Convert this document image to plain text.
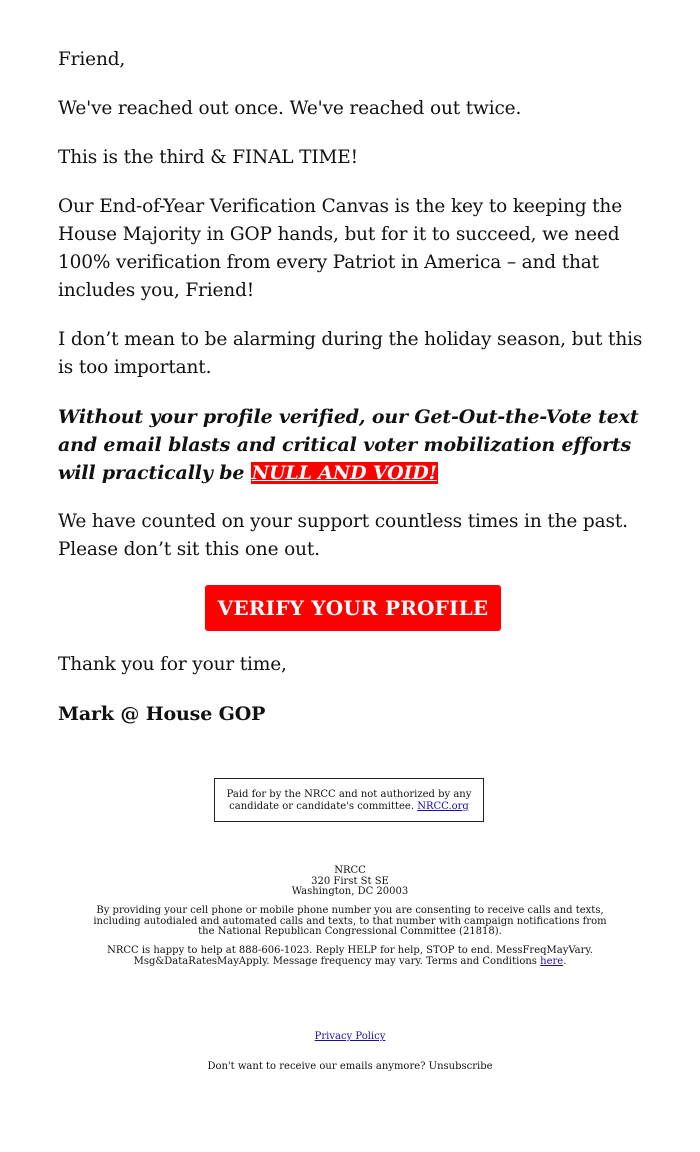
Friend,

We've reached out once. We've reached out twice.

This is the third & FINAL TIME!

Our End-of-Year Verification Canvas is the key to keeping the House Majority in GOP hands, but for it to succeed, we need 100% verification from every Patriot in America – and that includes you, Friend!

I don’t mean to be alarming during the holiday season, but this is too important.

Without your profile verified, our Get-Out-the-Vote text and email blasts and critical voter mobilization efforts will practically be NULL AND VOID!

We have counted on your support countless times in the past. Please don’t sit this one out.

VERIFY YOUR PROFILE

Thank you for your time,

Mark @ House GOP

Paid for by the NRCC and not authorized by any candidate or candidate's committee. NRCC.org
NRCC
320 First St SE
Washington, DC 20003
By providing your cell phone or mobile phone number you are consenting to receive calls and texts, including autodialed and automated calls and texts, to that number with campaign notifications from the National Republican Congressional Committee (21818).
NRCC is happy to help at 888-606-1023. Reply HELP for help, STOP to end. MessFreqMayVary. Msg&DataRatesMayApply. Message frequency may vary. Terms and Conditions here.
Privacy Policy
Don't want to receive our emails anymore? Unsubscribe
